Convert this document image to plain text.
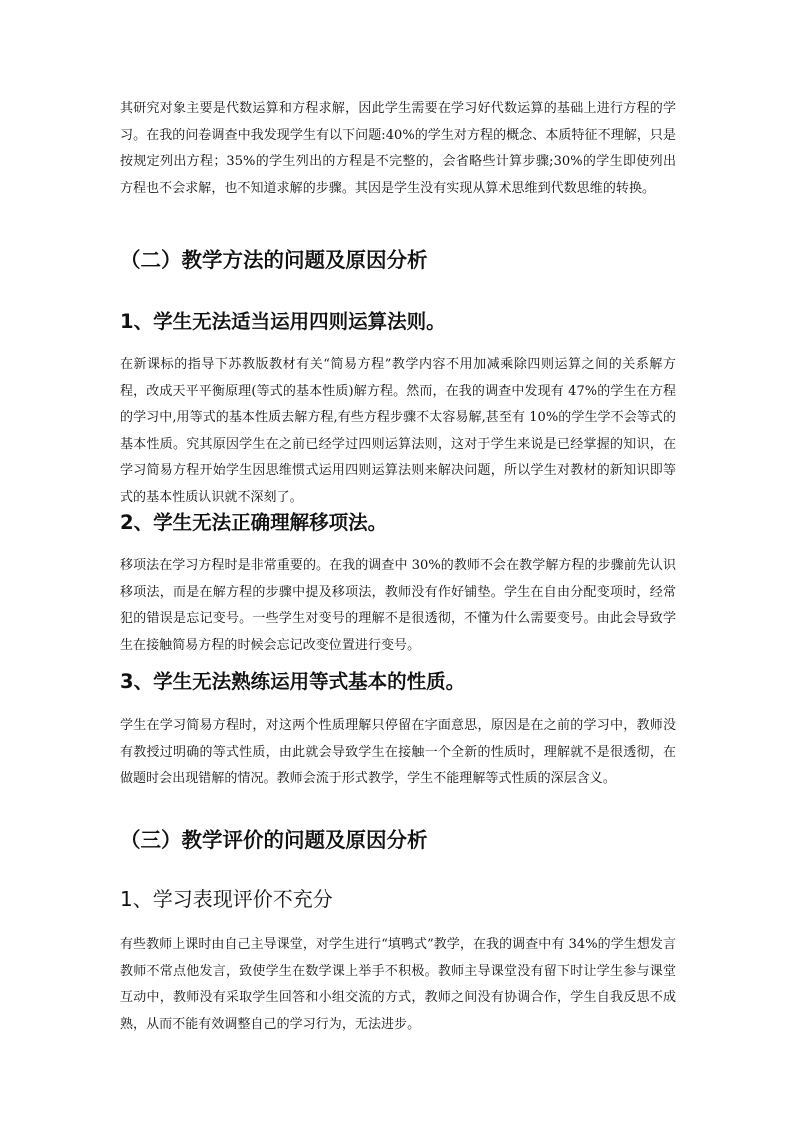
其研究对象主要是代数运算和方程求解，因此学生需要在学习好代数运算的基础上进行方程的学习。在我的问卷调查中我发现学生有以下问题:40%的学生对方程的概念、本质特征不理解，只是按规定列出方程；35%的学生列出的方程是不完整的，会省略些计算步骤;30%的学生即使列出方程也不会求解，也不知道求解的步骤。其因是学生没有实现从算术思维到代数思维的转换。

（二）教学方法的问题及原因分析
1、学生无法适当运用四则运算法则。

在新课标的指导下苏教版教材有关“简易方程”教学内容不用加减乘除四则运算之间的关系解方程，改成天平平衡原理(等式的基本性质)解方程。然而，在我的调查中发现有 47%的学生在方程的学习中,用等式的基本性质去解方程,有些方程步骤不太容易解,甚至有 10%的学生学不会等式的基本性质。究其原因学生在之前已经学过四则运算法则，这对于学生来说是已经掌握的知识，在学习简易方程开始学生因思维惯式运用四则运算法则来解决问题，所以学生对教材的新知识即等式的基本性质认识就不深刻了。

2、学生无法正确理解移项法。

移项法在学习方程时是非常重要的。在我的调查中 30%的教师不会在教学解方程的步骤前先认识移项法，而是在解方程的步骤中提及移项法，教师没有作好铺垫。学生在自由分配变项时，经常犯的错误是忘记变号。一些学生对变号的理解不是很透彻，不懂为什么需要变号。由此会导致学生在接触简易方程的时候会忘记改变位置进行变号。

3、学生无法熟练运用等式基本的性质。

学生在学习简易方程时，对这两个性质理解只停留在字面意思，原因是在之前的学习中，教师没有教授过明确的等式性质，由此就会导致学生在接触一个全新的性质时，理解就不是很透彻，在做题时会出现错解的情况。教师会流于形式教学，学生不能理解等式性质的深层含义。

（三）教学评价的问题及原因分析
1、学习表现评价不充分

有些教师上课时由自己主导课堂，对学生进行“填鸭式”教学，在我的调查中有 34%的学生想发言教师不常点他发言，致使学生在数学课上举手不积极。教师主导课堂没有留下时让学生参与课堂互动中，教师没有采取学生回答和小组交流的方式，教师之间没有协调合作，学生自我反思不成熟，从而不能有效调整自己的学习行为，无法进步。
